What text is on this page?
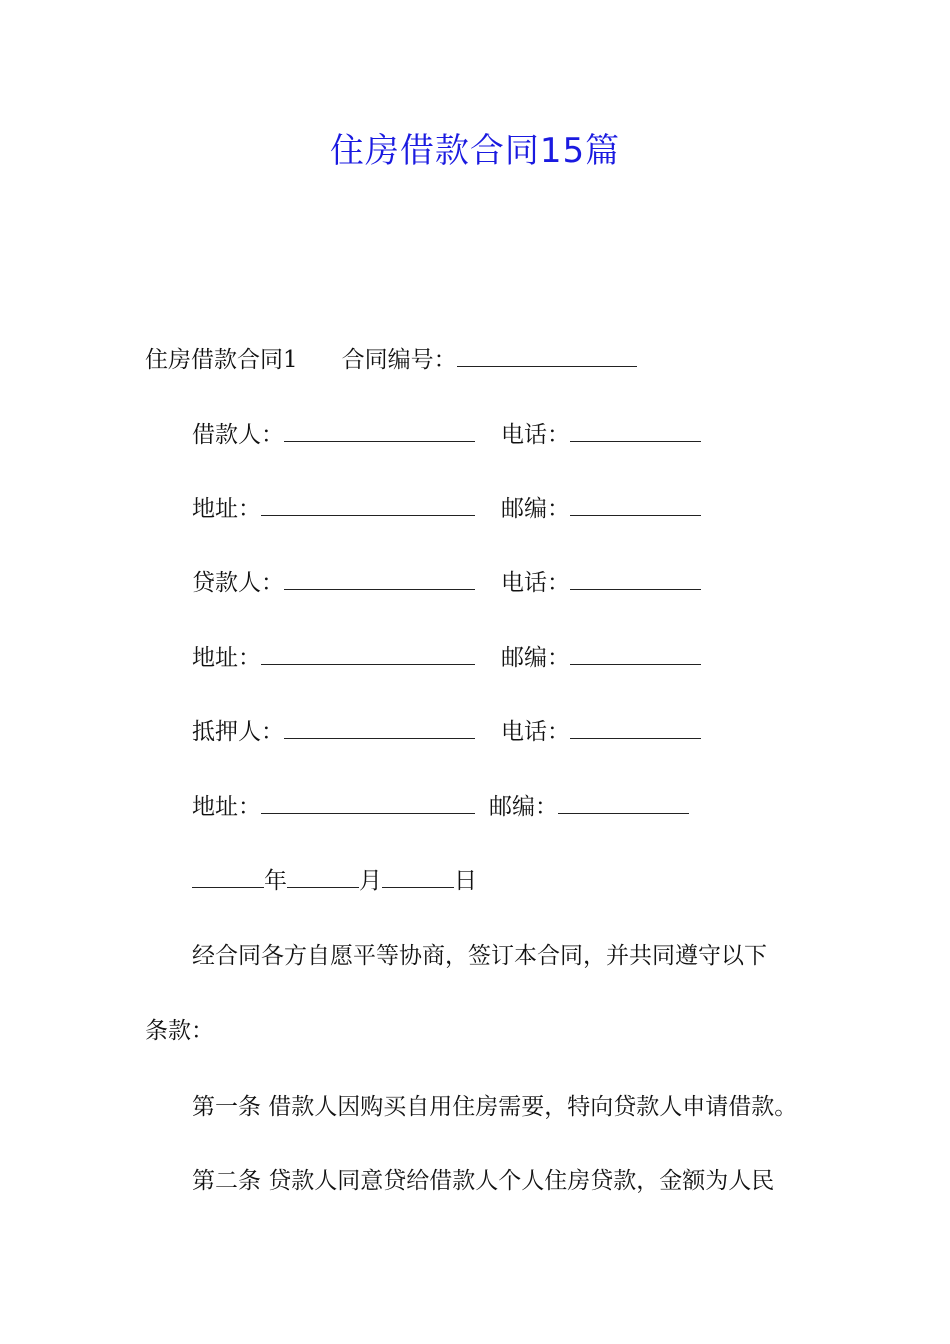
住房借款合同15篇
住房借款合同1 合同编号：
借款人：	电话：
地址：	邮编：
贷款人：	电话：
地址：	邮编：
抵押人：	电话：
地址：	邮编：
年	月	日
经合同各方自愿平等协商，签订本合同，并共同遵守以下
条款：
第一条 借款人因购买自用住房需要，特向贷款人申请借款。
第二条 贷款人同意贷给借款人个人住房贷款，金额为人民
